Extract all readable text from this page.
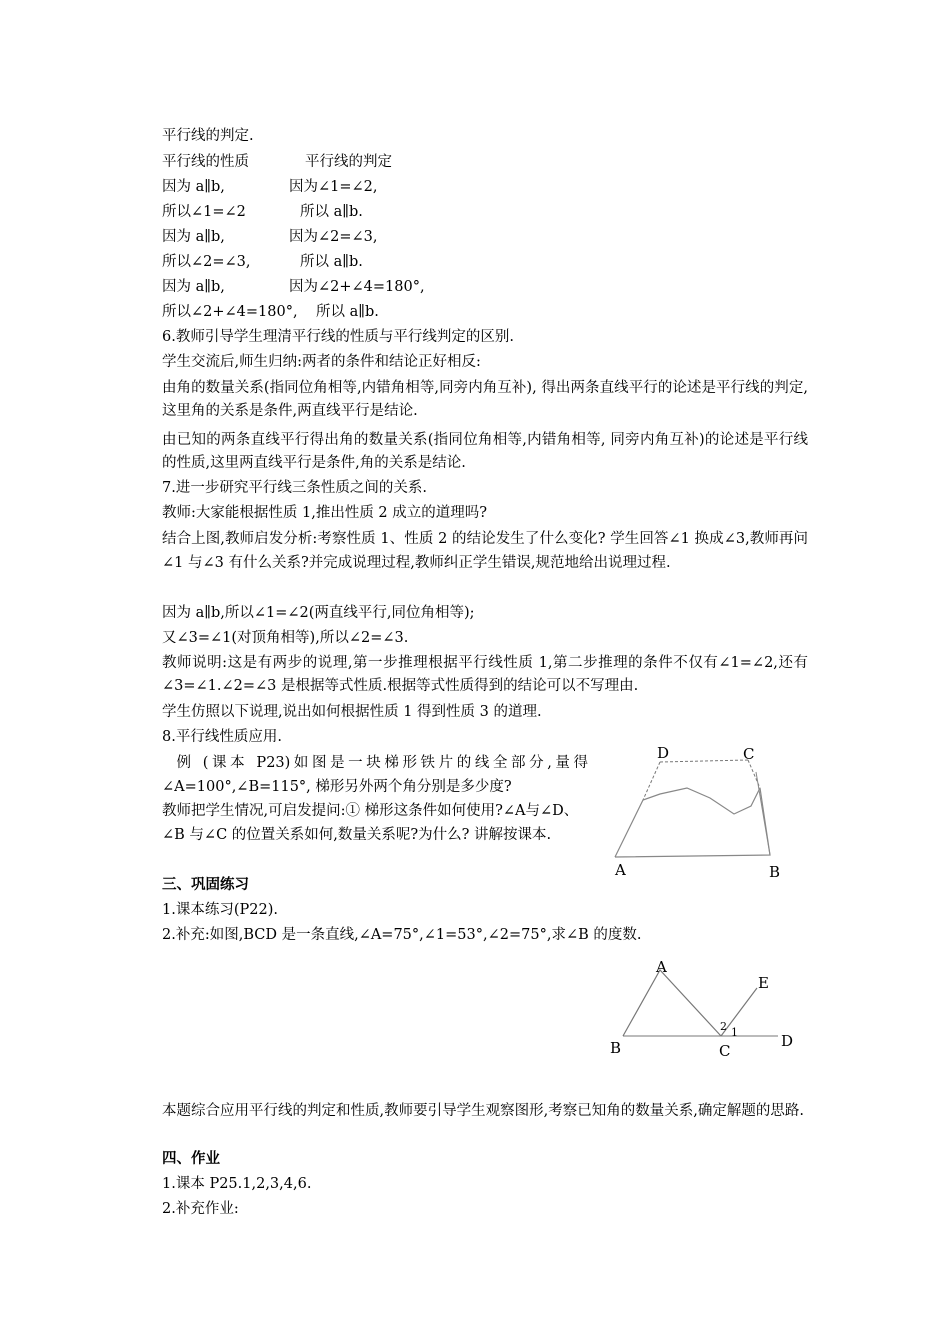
平行线的判定.
平行线的性质	平行线的判定
因为 a∥b,	因为∠1=∠2,
所以∠1=∠2	所以 a∥b.
因为 a∥b,	因为∠2=∠3,
所以∠2=∠3,	所以 a∥b.
因为 a∥b,	因为∠2+∠4=180°,
所以∠2+∠4=180°, 所以 a∥b.
6.教师引导学生理清平行线的性质与平行线判定的区别.
学生交流后,师生归纳:两者的条件和结论正好相反:
由角的数量关系(指同位角相等,内错角相等,同旁内角互补), 得出两条直线平行的论述是平行线的判定,这里角的关系是条件,两直线平行是结论.
由已知的两条直线平行得出角的数量关系(指同位角相等,内错角相等, 同旁内角互补)的论述是平行线的性质,这里两直线平行是条件,角的关系是结论.
7.进一步研究平行线三条性质之间的关系.
教师:大家能根据性质 1,推出性质 2 成立的道理吗?
结合上图,教师启发分析:考察性质 1、性质 2 的结论发生了什么变化? 学生回答∠1 换成∠3,教师再问∠1 与∠3 有什么关系?并完成说理过程,教师纠正学生错误,规范地给出说理过程.
因为 a∥b,所以∠1=∠2(两直线平行,同位角相等);
又∠3=∠1(对顶角相等),所以∠2=∠3.
教师说明:这是有两步的说理,第一步推理根据平行线性质 1,第二步推理的条件不仅有∠1=∠2,还有∠3=∠1.∠2=∠3 是根据等式性质.根据等式性质得到的结论可以不写理由.
学生仿照以下说理,说出如何根据性质 1 得到性质 3 的道理.
8.平行线性质应用.
例 (课本 P23)如图是一块梯形铁片的线全部分,量得∠A=100°,∠B=115°, 梯形另外两个角分别是多少度?
教师把学生情况,可启发提问:① 梯形这条件如何使用?∠A与∠D、∠B 与∠C 的位置关系如何,数量关系呢?为什么? 讲解按课本.
D	C
A	B
三、巩固练习
1.课本练习(P22).
2.补充:如图,BCD 是一条直线,∠A=75°,∠1=53°,∠2=75°,求∠B 的度数.
A
E
B	C
D
2 1
本题综合应用平行线的判定和性质,教师要引导学生观察图形,考察已知角的数量关系,确定解题的思路.
四、作业
1.课本 P25.1,2,3,4,6.
2.补充作业:
